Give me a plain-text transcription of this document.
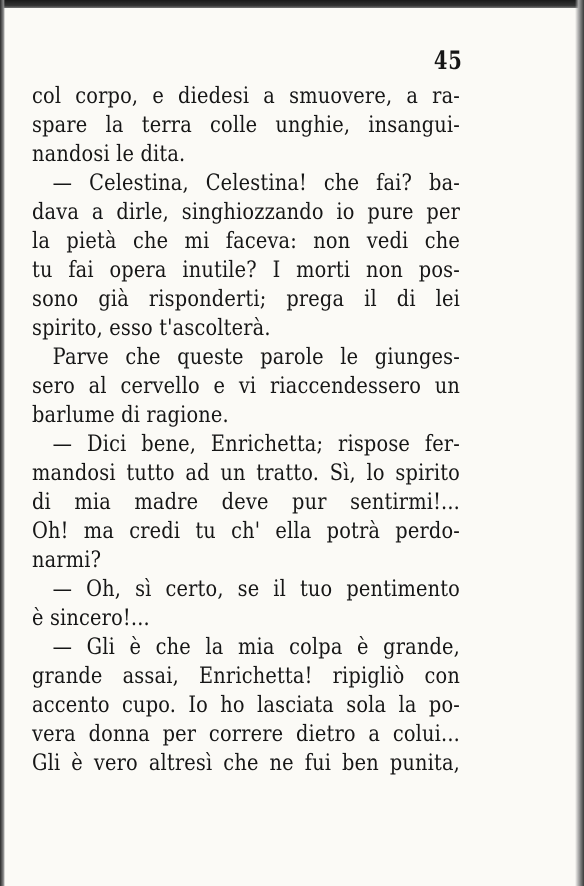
45
col corpo, e diedesi a smuovere, a ra-
spare la terra colle unghie, insangui-
nandosi le dita.
— Celestina, Celestina! che fai? ba-
dava a dirle, singhiozzando io pure per
la pietà che mi faceva: non vedi che
tu fai opera inutile? I morti non pos-
sono già risponderti; prega il di lei
spirito, esso t'ascolterà.
Parve che queste parole le giunges-
sero al cervello e vi riaccendessero un
barlume di ragione.
— Dici bene, Enrichetta; rispose fer-
mandosi tutto ad un tratto. Sì, lo spirito
di mia madre deve pur sentirmi!...
Oh! ma credi tu ch' ella potrà perdo-
narmi?
— Oh, sì certo, se il tuo pentimento
è sincero!...
— Gli è che la mia colpa è grande,
grande assai, Enrichetta! ripigliò con
accento cupo. Io ho lasciata sola la po-
vera donna per correre dietro a colui...
Gli è vero altresì che ne fui ben punita,
